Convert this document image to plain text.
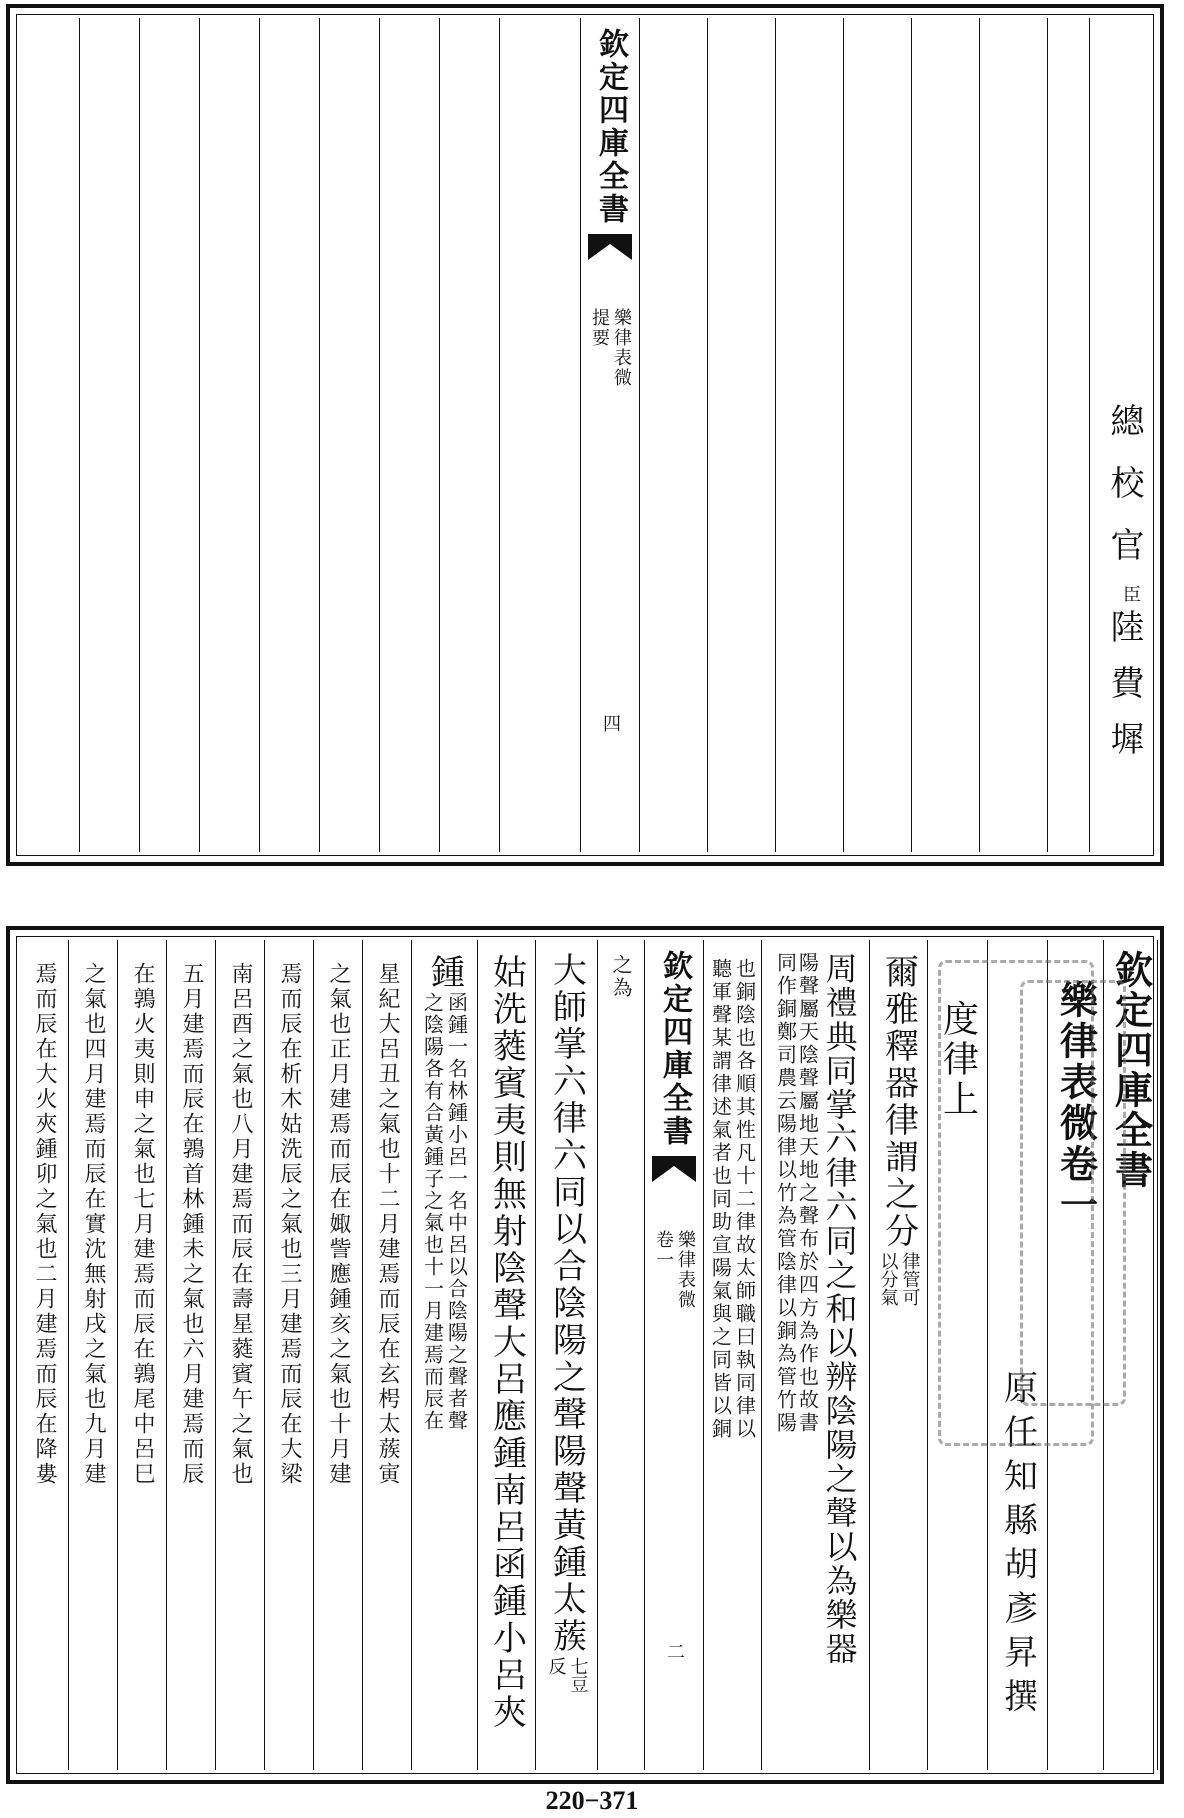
欽定四庫全書
樂律表微
提要
四
總校官
臣
陸費墀
焉而辰在大火夾鍾卯之氣也二月建焉而辰在降婁 之氣也四月建焉而辰在實沈無射戌之氣也九月建 在鶉火夷則申之氣也七月建焉而辰在鶉尾中呂巳 五月建焉而辰在鶉首林鍾未之氣也六月建焉而辰 南呂酉之氣也八月建焉而辰在壽星蕤賓午之氣也 焉而辰在析木姑洗辰之氣也三月建焉而辰在大梁 之氣也正月建焉而辰在娵訾應鍾亥之氣也十月建 星紀大呂丑之氣也十二月建焉而辰在玄枵太蔟寅 鍾
函鍾一名林鍾小呂一名中呂以合陰陽之聲者聲
之陰陽各有合黃鍾子之氣也十一月建焉而辰在 姑洗蕤賓夷則無射陰聲大呂應鍾南呂函鍾小呂夾 大師掌六律六同以合陰陽之聲陽聲黃鍾太蔟
七豆
反
之為 欽定四庫全書
樂律表微
卷一
二
也銅陰也各順其性凡十二律故太師職曰執同律以
聽軍聲某謂律述氣者也同助宣陽氣與之同皆以銅	周禮典同掌六律六同之和以辨陰陽之聲以為樂器
陽聲屬天陰聲屬地天地之聲布於四方為作也故書
同作銅鄭司農云陽律以竹為管陰律以銅為管竹陽 爾雅釋器律謂之分
律管可
以分氣
度律上
原任知縣胡彥昇撰
樂律表微卷一 欽定四庫全書
220−371
